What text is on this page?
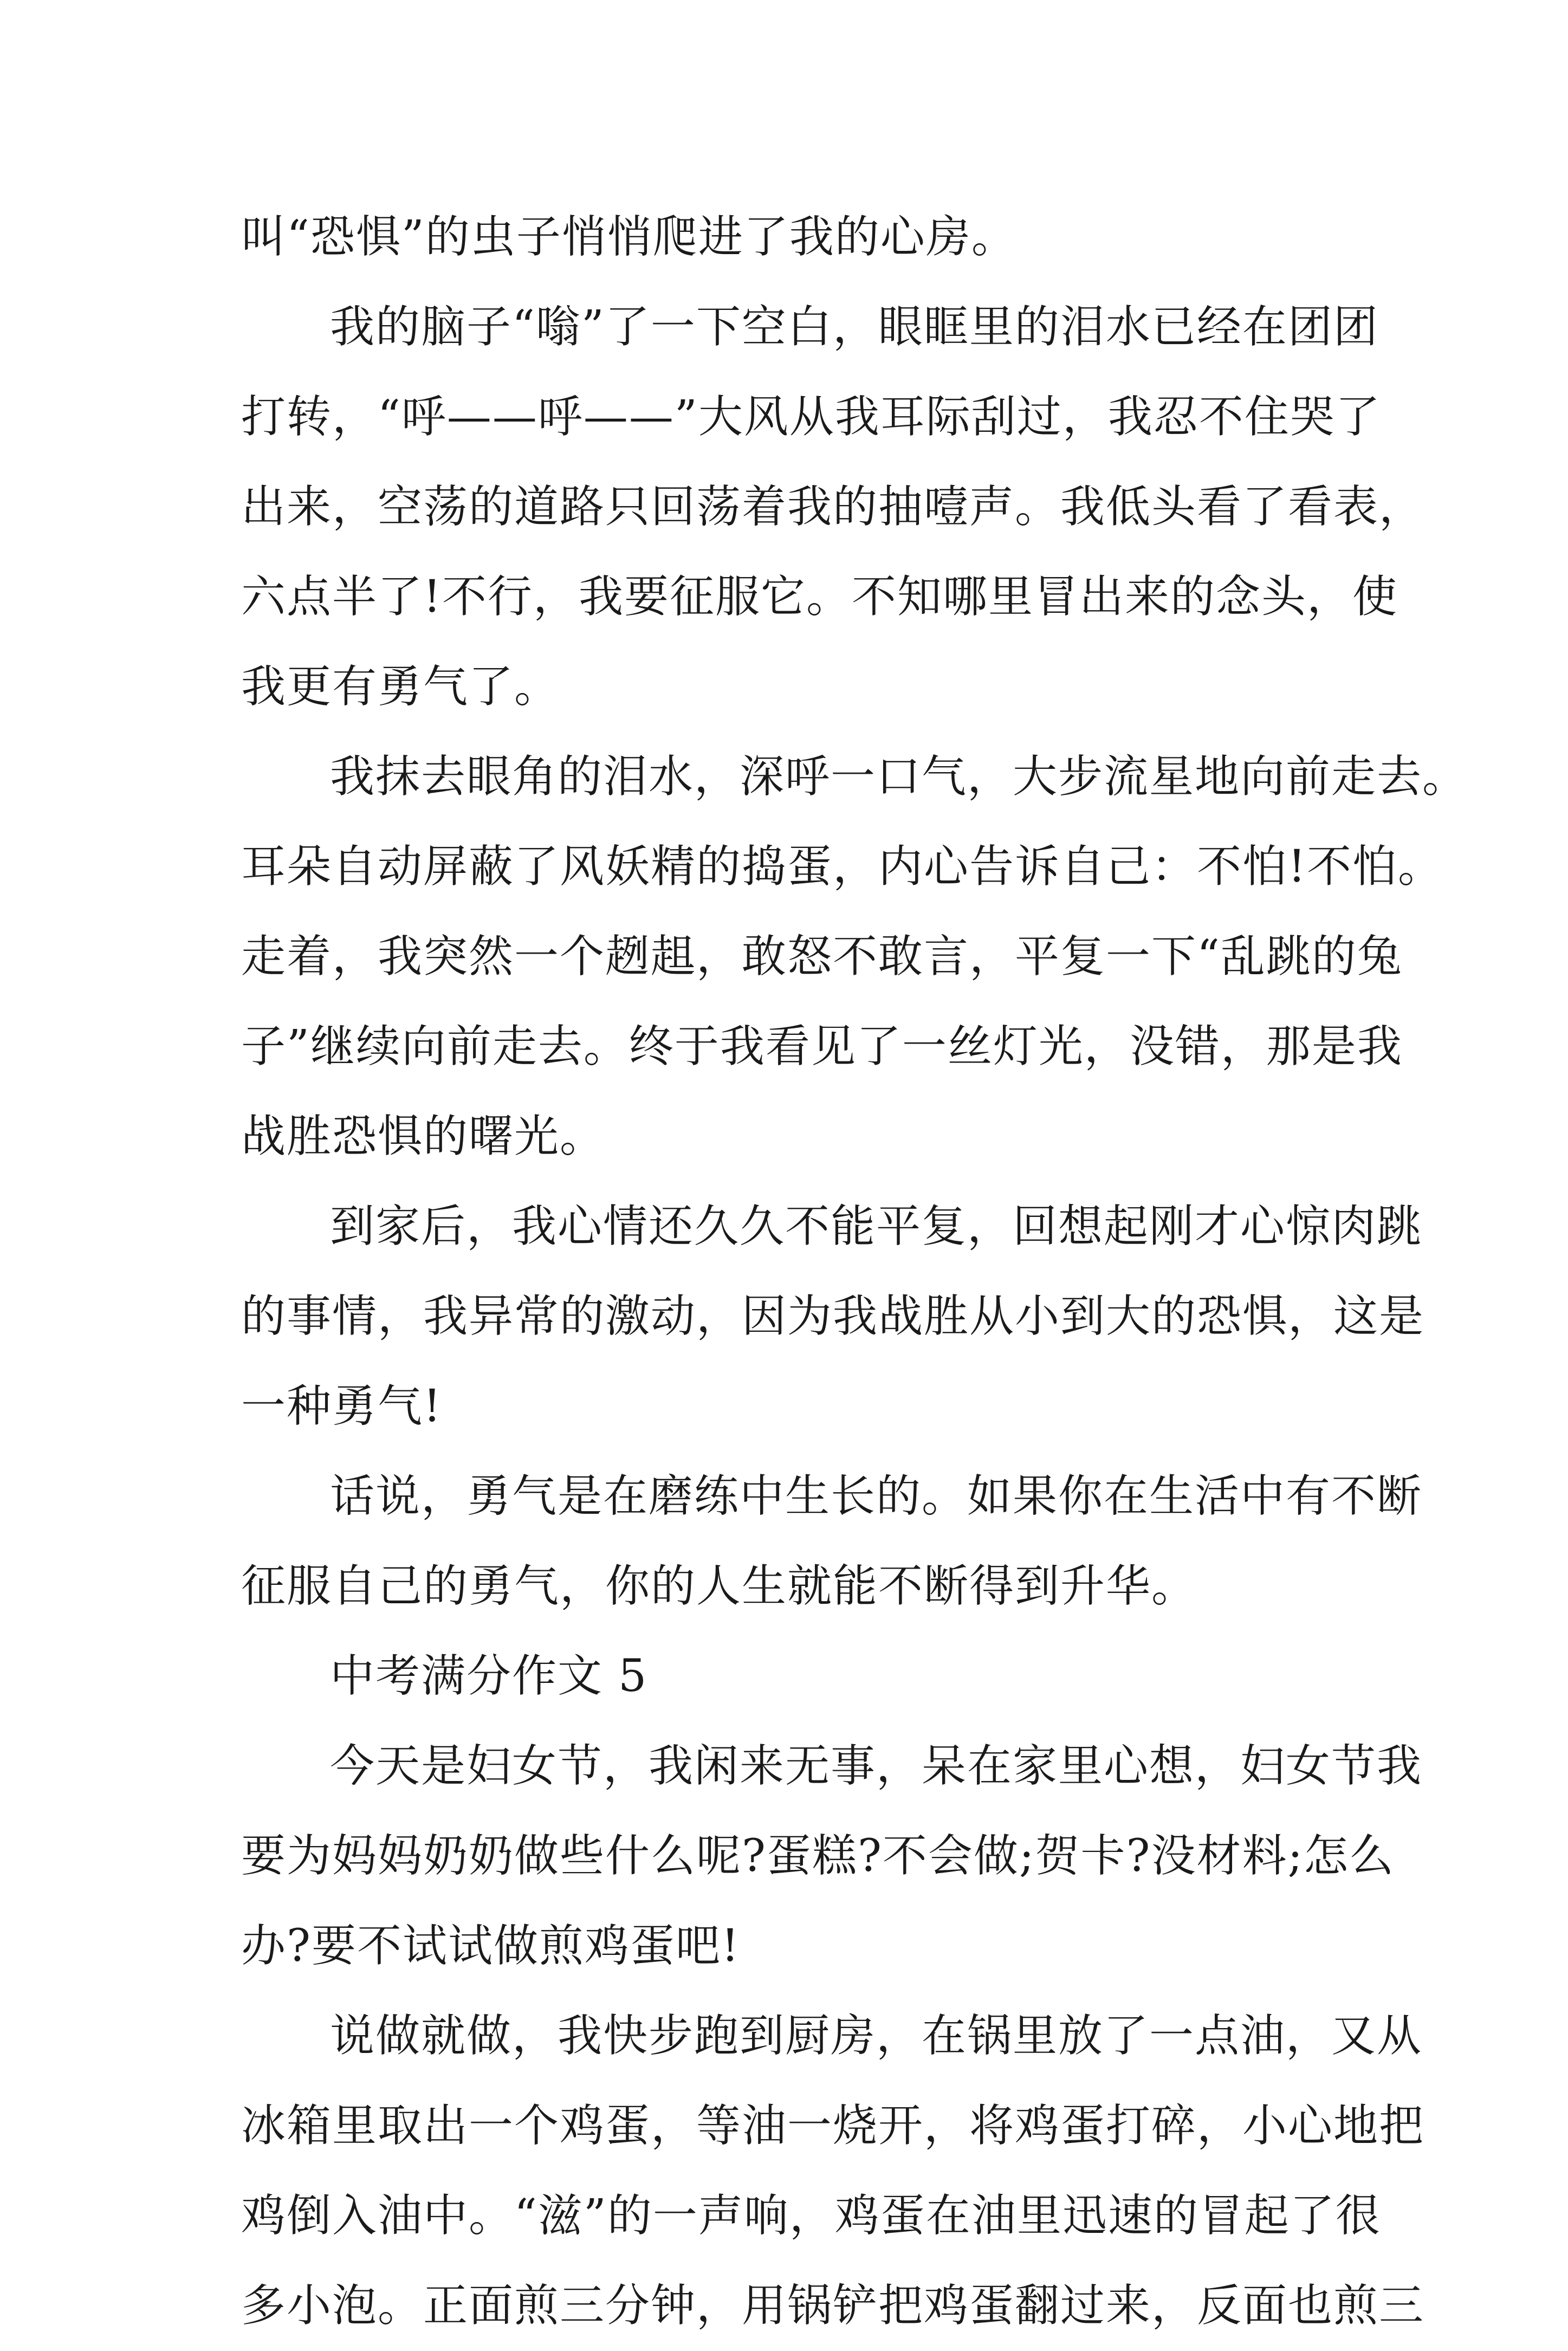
叫“恐惧”的虫子悄悄爬进了我的心房。
我的脑子“嗡”了一下空白，眼眶里的泪水已经在团团
打转，“呼——呼——”大风从我耳际刮过，我忍不住哭了
出来，空荡的道路只回荡着我的抽噎声。我低头看了看表，
六点半了!不行，我要征服它。不知哪里冒出来的念头，使
我更有勇气了。
我抹去眼角的泪水，深呼一口气，大步流星地向前走去。
耳朵自动屏蔽了风妖精的捣蛋，内心告诉自己：不怕!不怕。
走着，我突然一个趔趄，敢怒不敢言，平复一下“乱跳的兔
子”继续向前走去。终于我看见了一丝灯光，没错，那是我
战胜恐惧的曙光。
到家后，我心情还久久不能平复，回想起刚才心惊肉跳
的事情，我异常的激动，因为我战胜从小到大的恐惧，这是
一种勇气!
话说，勇气是在磨练中生长的。如果你在生活中有不断
征服自己的勇气，你的人生就能不断得到升华。
中考满分作文 5
今天是妇女节，我闲来无事，呆在家里心想，妇女节我
要为妈妈奶奶做些什么呢?蛋糕?不会做;贺卡?没材料;怎么
办?要不试试做煎鸡蛋吧!
说做就做，我快步跑到厨房，在锅里放了一点油，又从
冰箱里取出一个鸡蛋，等油一烧开，将鸡蛋打碎，小心地把
鸡倒入油中。“滋”的一声响，鸡蛋在油里迅速的冒起了很
多小泡。正面煎三分钟，用锅铲把鸡蛋翻过来，反面也煎三
